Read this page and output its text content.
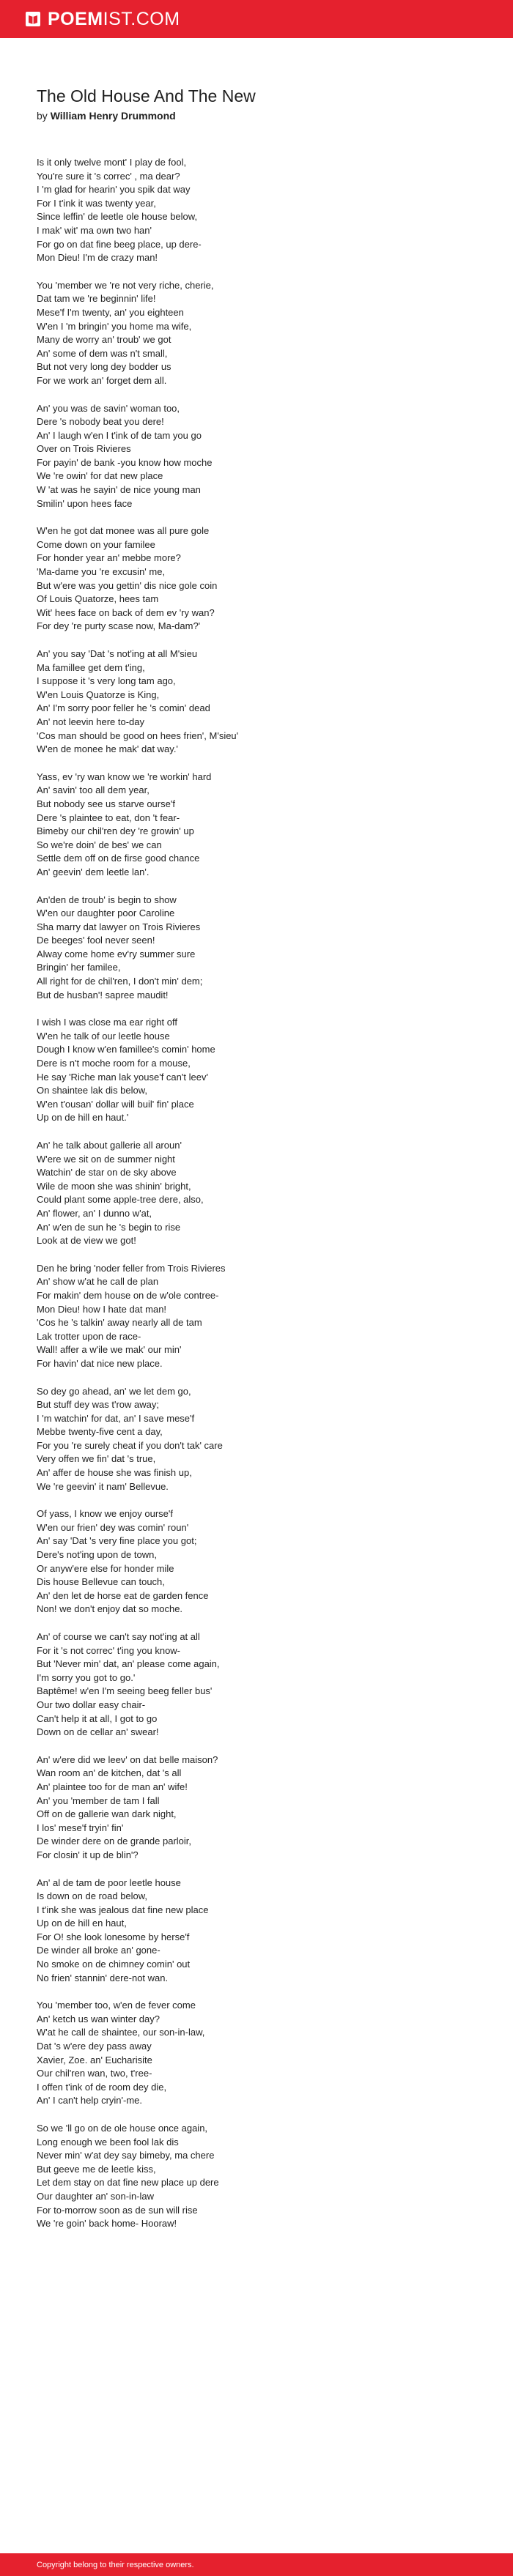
POEMIST.COM
The Old House And The New
by William Henry Drummond
Is it only twelve mont' I play de fool,
You're sure it 's correc' , ma dear?
I 'm glad for hearin' you spik dat way
For I t'ink it was twenty year,
Since leffin' de leetle ole house below,
I mak' wit' ma own two han'
For go on dat fine beeg place, up dere-
Mon Dieu! I'm de crazy man!
You 'member we 're not very riche, cherie,
Dat tam we 're beginnin' life!
Mese'f I'm twenty, an' you eighteen
W'en I 'm bringin' you home ma wife,
Many de worry an' troub' we got
An' some of dem was n't small,
But not very long dey bodder us
For we work an' forget dem all.
An' you was de savin' woman too,
Dere 's nobody beat you dere!
An' I laugh w'en I t'ink of de tam you go
Over on Trois Rivieres
For payin' de bank -you know how moche
We 're owin' for dat new place
W 'at was he sayin' de nice young man
Smilin' upon hees face
W'en he got dat monee was all pure gole
Come down on your familee
For honder year an' mebbe more?
'Ma-dame you 're excusin' me,
But w'ere was you gettin' dis nice gole coin
Of Louis Quatorze, hees tam
Wit' hees face on back of dem ev 'ry wan?
For dey 're purty scase now, Ma-dam?'
An' you say 'Dat 's not'ing at all M'sieu
Ma famillee get dem t'ing,
I suppose it 's very long tam ago,
W'en Louis Quatorze is King,
An' I'm sorry poor feller he 's comin' dead
An' not leevin here to-day
'Cos man should be good on hees frien', M'sieu'
W'en de monee he mak' dat way.'
Yass, ev 'ry wan know we 're workin' hard
An' savin' too all dem year,
But nobody see us starve ourse'f
Dere 's plaintee to eat, don 't fear-
Bimeby our chil'ren dey 're growin' up
So we're doin' de bes' we can
Settle dem off on de firse good chance
An' geevin' dem leetle lan'.
An'den de troub' is begin to show
W'en our daughter poor Caroline
Sha marry dat lawyer on Trois Rivieres
De beeges' fool never seen!
Alway come home ev'ry summer sure
Bringin' her familee,
All right for de chil'ren, I don't min' dem;
But de husban'! sapree maudit!
I wish I was close ma ear right off
W'en he talk of our leetle house
Dough I know w'en famillee's comin' home
Dere is n't moche room for a mouse,
He say 'Riche man lak youse'f can't leev'
On shaintee lak dis below,
W'en t'ousan' dollar will buil' fin' place
Up on de hill en haut.'
An' he talk about gallerie all aroun'
W'ere we sit on de summer night
Watchin' de star on de sky above
Wile de moon she was shinin' bright,
Could plant some apple-tree dere, also,
An' flower, an' I dunno w'at,
An' w'en de sun he 's begin to rise
Look at de view we got!
Den he bring 'noder feller from Trois Rivieres
An' show w'at he call de plan
For makin' dem house on de w'ole contree-
Mon Dieu! how I hate dat man!
'Cos he 's talkin' away nearly all de tam
Lak trotter upon de race-
Wall! affer a w'ile we mak' our min'
For havin' dat nice new place.
So dey go ahead, an' we let dem go,
But stuff dey was t'row away;
I 'm watchin' for dat, an' I save mese'f
Mebbe twenty-five cent a day,
For you 're surely cheat if you don't tak' care
Very offen we fin' dat 's true,
An' affer de house she was finish up,
We 're geevin' it nam' Bellevue.
Of yass, I know we enjoy ourse'f
W'en our frien' dey was comin' roun'
An' say 'Dat 's very fine place you got;
Dere's not'ing upon de town,
Or anyw'ere else for honder mile
Dis house Bellevue can touch,
An' den let de horse eat de garden fence
Non! we don't enjoy dat so moche.
An' of course we can't say not'ing at all
For it 's not correc' t'ing you know-
But 'Never min' dat, an' please come again,
I'm sorry you got to go.'
Baptême! w'en I'm seeing beeg feller bus'
Our two dollar easy chair-
Can't help it at all, I got to go
Down on de cellar an' swear!
An' w'ere did we leev' on dat belle maison?
Wan room an' de kitchen, dat 's all
An' plaintee too for de man an' wife!
An' you 'member de tam I fall
Off on de gallerie wan dark night,
I los' mese'f tryin' fin'
De winder dere on de grande parloir,
For closin' it up de blin'?
An' al de tam de poor leetle house
Is down on de road below,
I t'ink she was jealous dat fine new place
Up on de hill en haut,
For O! she look lonesome by herse'f
De winder all broke an' gone-
No smoke on de chimney comin' out
No frien' stannin' dere-not wan.
You 'member too, w'en de fever come
An' ketch us wan winter day?
W'at he call de shaintee, our son-in-law,
Dat 's w'ere dey pass away
Xavier, Zoe. an' Eucharisite
Our chil'ren wan, two, t'ree-
I offen t'ink of de room dey die,
An' I can't help cryin'-me.
So we 'll go on de ole house once again,
Long enough we been fool lak dis
Never min' w'at dey say bimeby, ma chere
But geeve me de leetle kiss,
Let dem stay on dat fine new place up dere
Our daughter an' son-in-law
For to-morrow soon as de sun will rise
We 're goin' back home- Hooraw!
Copyright belong to their respective owners.
